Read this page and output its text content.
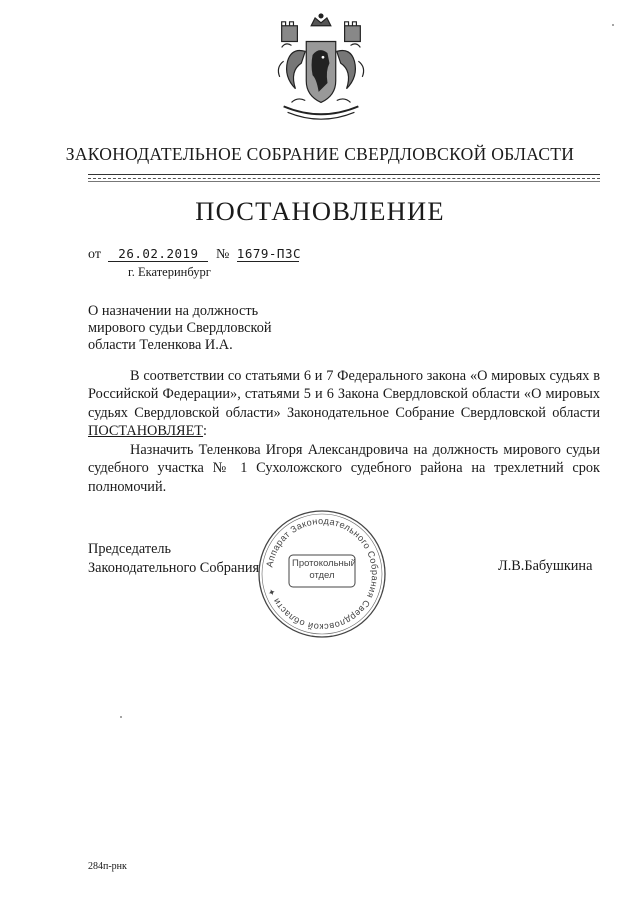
ЗАКОНОДАТЕЛЬНОЕ СОБРАНИЕ СВЕРДЛОВСКОЙ ОБЛАСТИ
ПОСТАНОВЛЕНИЕ
от 26.02.2019 № 1679-ПЗС
г. Екатеринбург
О назначении на должность
мирового судьи Свердловской
области Теленкова И.А.
В соответствии со статьями 6 и 7 Федерального закона «О мировых судьях в Российской Федерации», статьями 5 и 6 Закона Свердловской области «О мировых судьях Свердловской области» Законодательное Собрание Свердловской области ПОСТАНОВЛЯЕТ:
Назначить Теленкова Игоря Александровича на должность мирового судьи судебного участка № 1 Сухоложского судебного района на трехлетний срок полномочий.
Аппарат Законодательного Собрания Свердловской области ✦
Протокольный
отдел
Председатель
Законодательного Собрания	Л.В.Бабушкина
284п-рнк
